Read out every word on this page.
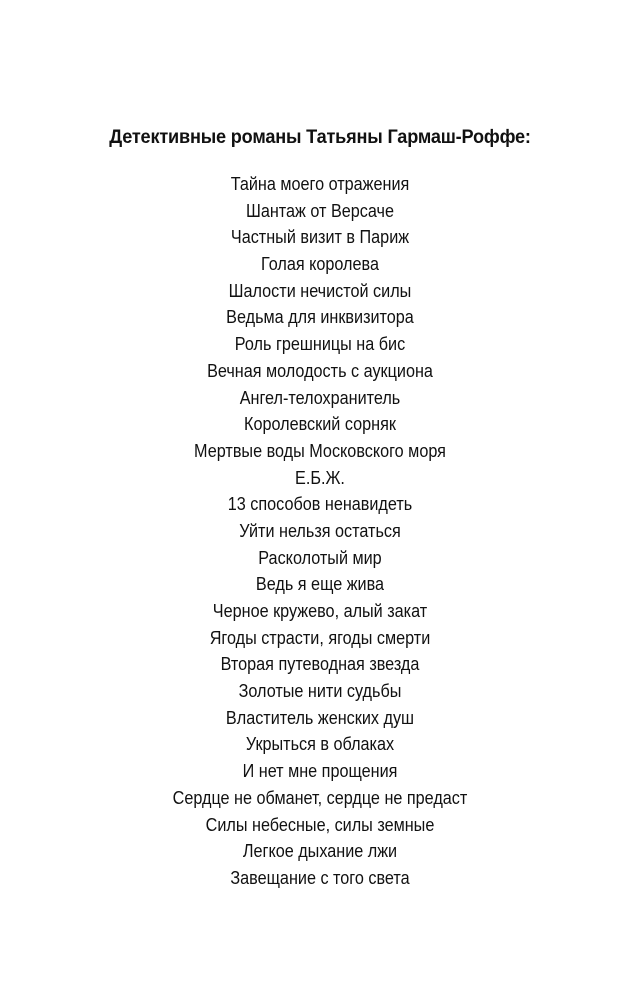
Детективные романы Татьяны Гармаш-Роффе:
Тайна моего отражения
Шантаж от Версаче
Частный визит в Париж
Голая королева
Шалости нечистой силы
Ведьма для инквизитора
Роль грешницы на бис
Вечная молодость с аукциона
Ангел-телохранитель
Королевский сорняк
Мертвые воды Московского моря
Е.Б.Ж.
13 способов ненавидеть
Уйти нельзя остаться
Расколотый мир
Ведь я еще жива
Черное кружево, алый закат
Ягоды страсти, ягоды смерти
Вторая путеводная звезда
Золотые нити судьбы
Властитель женских душ
Укрыться в облаках
И нет мне прощения
Сердце не обманет, сердце не предаст
Силы небесные, силы земные
Легкое дыхание лжи
Завещание с того света
